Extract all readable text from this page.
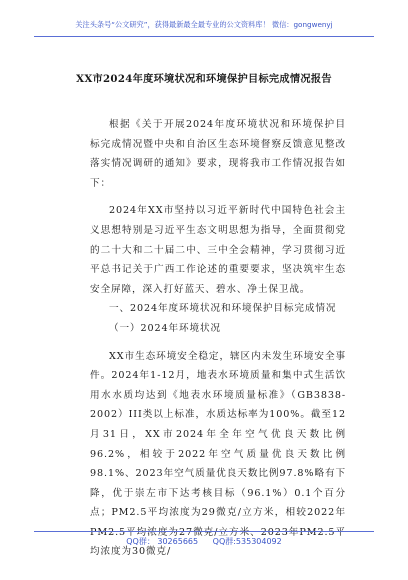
关注头条号“公文研究”，获得最新最全最专业的公文资料库！ 微信：gongwenyj
XX市2024年度环境状况和环境保护目标完成情况报告

根据《关于开展2024年度环境状况和环境保护目标完成情况暨中央和自治区生态环境督察反馈意见整改落实情况调研的通知》要求，现将我市工作情况报告如下：

2024年XX市坚持以习近平新时代中国特色社会主义思想特别是习近平生态文明思想为指导，全面贯彻党的二十大和二十届二中、三中全会精神，学习贯彻习近平总书记关于广西工作论述的重要要求，坚决筑牢生态安全屏障，深入打好蓝天、碧水、净土保卫战。

一、2024年度环境状况和环境保护目标完成情况

（一）2024年环境状况

XX市生态环境安全稳定，辖区内未发生环境安全事件。2024年1-12月，地表水环境质量和集中式生活饮用水水质均达到《地表水环境质量标准》（GB3838-2002）III类以上标准，水质达标率为100%。截至12月31日，XX市2024年全年空气优良天数比例96.2%，相较于2022年空气质量优良天数比例98.1%、2023年空气质量优良天数比例97.8%略有下降，优于崇左市下达考核目标（96.1%）0.1个百分点；PM2.5平均浓度为29微克/立方米，相较2022年PM2.5平均浓度为27微克/立方米、2023年PM2.5平均浓度为30微克/

QQ群： 30265665 QQ群:535304092
